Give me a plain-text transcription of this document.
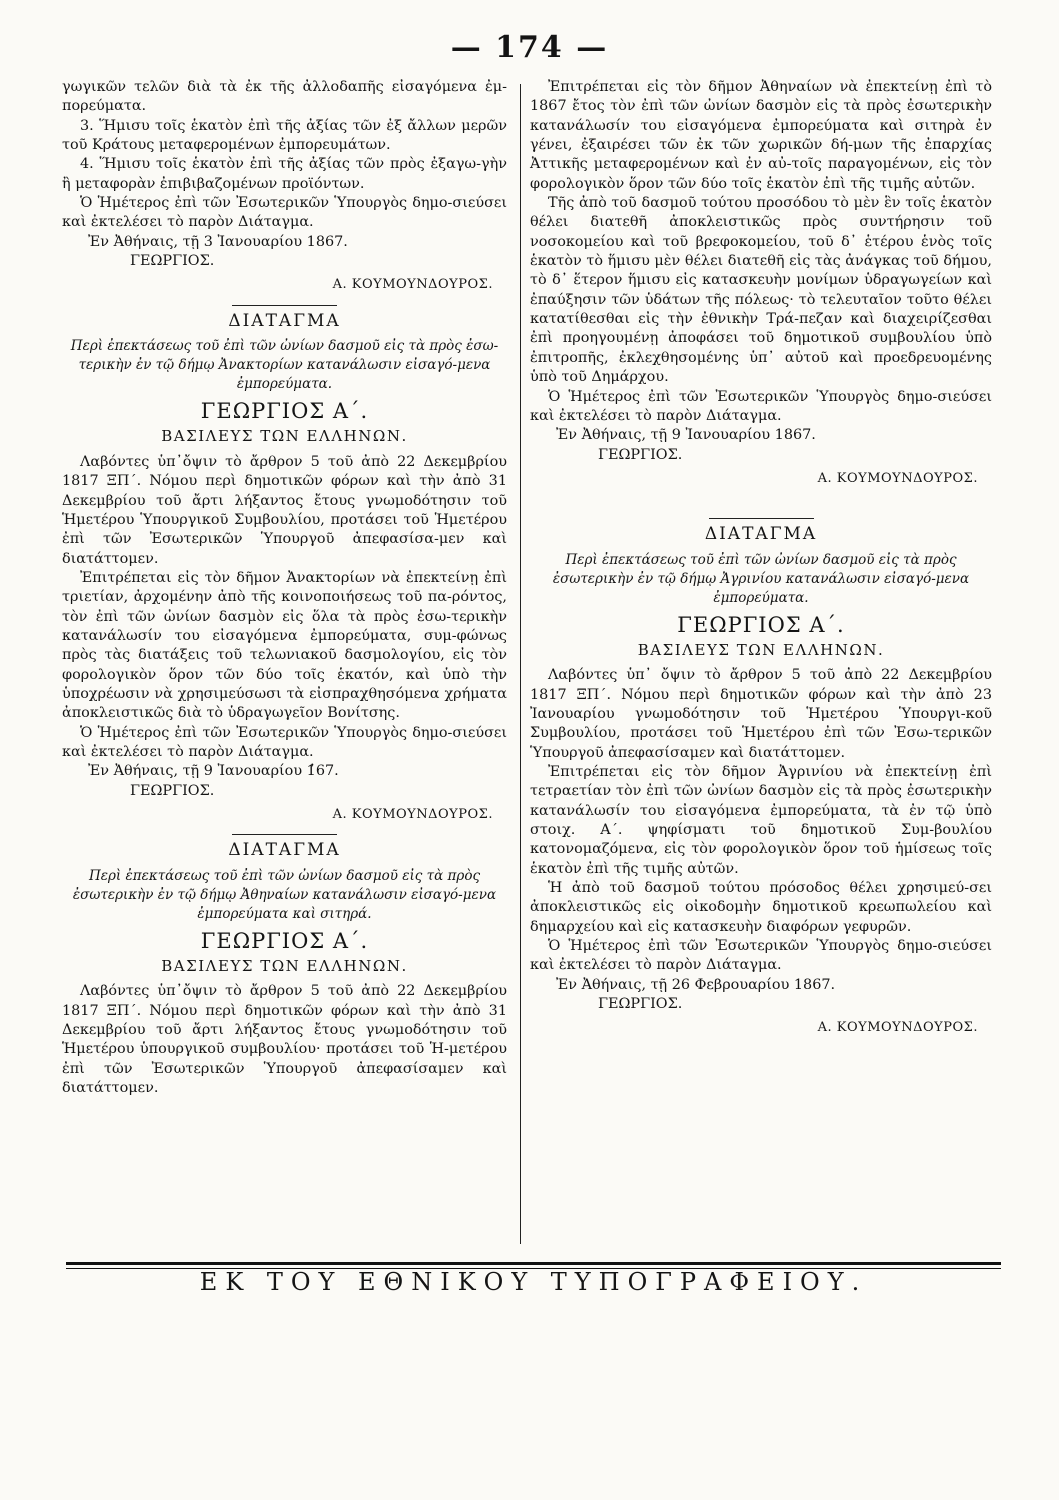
— 174 —

γωγικῶν τελῶν διὰ τὰ ἐκ τῆς ἀλλοδαπῆς εἰσαγόμενα ἐμ-πορεύματα.

3. Ἥμισυ τοῖς ἑκατὸν ἐπὶ τῆς ἀξίας τῶν ἐξ ἄλλων μερῶν τοῦ Κράτους μεταφερομένων ἐμπορευμάτων.

4. Ἥμισυ τοῖς ἑκατὸν ἐπὶ τῆς ἀξίας τῶν πρὸς ἐξαγω-γὴν ἢ μεταφορὰν ἐπιβιβαζομένων προϊόντων.

Ὁ Ἡμέτερος ἐπὶ τῶν Ἐσωτερικῶν Ὑπουργὸς δημο-σιεύσει καὶ ἐκτελέσει τὸ παρὸν Διάταγμα.

Ἐν Ἀθήναις, τῇ 3 Ἰανουαρίου 1867.

ΓΕΩΡΓΙΟΣ.

Α. ΚΟΥΜΟΥΝΔΟΥΡΟΣ.

ΔΙΑΤΑΓΜΑ

Περὶ ἐπεκτάσεως τοῦ ἐπὶ τῶν ὠνίων δασμοῦ εἰς τὰ πρὸς ἐσω-τερικὴν ἐν τῷ δήμῳ Ἀνακτορίων κατανάλωσιν εἰσαγό-μενα ἐμπορεύματα.

ΓΕΩΡΓΙΟΣ Α΄.
ΒΑΣΙΛΕΥΣ ΤΩΝ ΕΛΛΗΝΩΝ.

Λαβόντες ὑπ᾿ὄψιν τὸ ἄρθρον 5 τοῦ ἀπὸ 22 Δεκεμβρίου 1817 ΞΠ΄. Νόμου περὶ δημοτικῶν φόρων καὶ τὴν ἀπὸ 31 Δεκεμβρίου τοῦ ἄρτι λήξαντος ἔτους γνωμοδότησιν τοῦ Ἡμετέρου Ὑπουργικοῦ Συμβουλίου, προτάσει τοῦ Ἡμετέρου ἐπὶ τῶν Ἐσωτερικῶν Ὑπουργοῦ ἀπεφασίσα-μεν καὶ διατάττομεν.

Ἐπιτρέπεται εἰς τὸν δῆμον Ἀνακτορίων νὰ ἐπεκτείνῃ ἐπὶ τριετίαν, ἀρχομένην ἀπὸ τῆς κοινοποιήσεως τοῦ πα-ρόντος, τὸν ἐπὶ τῶν ὠνίων δασμὸν εἰς ὅλα τὰ πρὸς ἐσω-τερικὴν κατανάλωσίν του εἰσαγόμενα ἐμπορεύματα, συμ-φώνως πρὸς τὰς διατάξεις τοῦ τελωνιακοῦ δασμολογίου, εἰς τὸν φορολογικὸν ὅρον τῶν δύο τοῖς ἑκατόν, καὶ ὑπὸ τὴν ὑποχρέωσιν νὰ χρησιμεύσωσι τὰ εἰσπραχθησόμενα χρήματα ἀποκλειστικῶς διὰ τὸ ὑδραγωγεῖον Βονίτσης.

Ὁ Ἡμέτερος ἐπὶ τῶν Ἐσωτερικῶν Ὑπουργὸς δημο-σιεύσει καὶ ἐκτελέσει τὸ παρὸν Διάταγμα.

Ἐν Ἀθήναις, τῇ 9 Ἰανουαρίου 1̓67.

ΓΕΩΡΓΙΟΣ.

Α. ΚΟΥΜΟΥΝΔΟΥΡΟΣ.

ΔΙΑΤΑΓΜΑ

Περὶ ἐπεκτάσεως τοῦ ἐπὶ τῶν ὠνίων δασμοῦ εἰς τὰ πρὸς ἐσωτερικὴν ἐν τῷ δήμῳ Ἀθηναίων κατανάλωσιν εἰσαγό-μενα ἐμπορεύματα καὶ σιτηρά.

ΓΕΩΡΓΙΟΣ Α΄.
ΒΑΣΙΛΕΥΣ ΤΩΝ ΕΛΛΗΝΩΝ.

Λαβόντες ὑπ᾿ὄψιν τὸ ἄρθρον 5 τοῦ ἀπὸ 22 Δεκεμβρίου 1817 ΞΠ΄. Νόμου περὶ δημοτικῶν φόρων καὶ τὴν ἀπὸ 31 Δεκεμβρίου τοῦ ἄρτι λήξαντος ἔτους γνωμοδότησιν τοῦ Ἡμετέρου ὑπουργικοῦ συμβουλίου· προτάσει τοῦ Ἡ-μετέρου ἐπὶ τῶν Ἐσωτερικῶν Ὑπουργοῦ ἀπεφασίσαμεν καὶ διατάττομεν.

Ἐπιτρέπεται εἰς τὸν δῆμον Ἀθηναίων νὰ ἐπεκτείνῃ ἐπὶ τὸ 1867 ἔτος τὸν ἐπὶ τῶν ὠνίων δασμὸν εἰς τὰ πρὸς ἐσωτερικὴν κατανάλωσίν του εἰσαγόμενα ἐμπορεύματα καὶ σιτηρὰ ἐν γένει, ἐξαιρέσει τῶν ἐκ τῶν χωρικῶν δή-μων τῆς ἐπαρχίας Ἀττικῆς μεταφερομένων καὶ ἐν αὐ-τοῖς παραγομένων, εἰς τὸν φορολογικὸν ὅρον τῶν δύο τοῖς ἑκατὸν ἐπὶ τῆς τιμῆς αὐτῶν.

Τῆς ἀπὸ τοῦ δασμοῦ τούτου προσόδου τὸ μὲν ἓν τοῖς ἑκατὸν θέλει διατεθῆ ἀποκλειστικῶς πρὸς συντήρησιν τοῦ νοσοκομείου καὶ τοῦ βρεφοκομείου, τοῦ δ᾿ ἑτέρου ἑνὸς τοῖς ἑκατὸν τὸ ἥμισυ μὲν θέλει διατεθῆ εἰς τὰς ἀνάγκας τοῦ δήμου, τὸ δ᾿ ἕτερον ἥμισυ εἰς κατασκευὴν μονίμων ὑδραγωγείων καὶ ἐπαύξησιν τῶν ὑδάτων τῆς πόλεως· τὸ τελευταῖον τοῦτο θέλει κατατίθεσθαι εἰς τὴν ἐθνικὴν Τρά-πεζαν καὶ διαχειρίζεσθαι ἐπὶ προηγουμένῃ ἀποφάσει τοῦ δημοτικοῦ συμβουλίου ὑπὸ ἐπιτροπῆς, ἐκλεχθησομένης ὑπ᾿ αὐτοῦ καὶ προεδρευομένης ὑπὸ τοῦ Δημάρχου.

Ὁ Ἡμέτερος ἐπὶ τῶν Ἐσωτερικῶν Ὑπουργὸς δημο-σιεύσει καὶ ἐκτελέσει τὸ παρὸν Διάταγμα.

Ἐν Ἀθήναις, τῇ 9 Ἰανουαρίου 1867.

ΓΕΩΡΓΙΟΣ.

Α. ΚΟΥΜΟΥΝΔΟΥΡΟΣ.

ΔΙΑΤΑΓΜΑ

Περὶ ἐπεκτάσεως τοῦ ἐπὶ τῶν ὠνίων δασμοῦ εἰς τὰ πρὸς ἐσωτερικὴν ἐν τῷ δήμῳ Ἀγρινίου κατανάλωσιν εἰσαγό-μενα ἐμπορεύματα.

ΓΕΩΡΓΙΟΣ Α΄.
ΒΑΣΙΛΕΥΣ ΤΩΝ ΕΛΛΗΝΩΝ.

Λαβόντες ὑπ᾿ ὄψιν τὸ ἄρθρον 5 τοῦ ἀπὸ 22 Δεκεμβρίου 1817 ΞΠ΄. Νόμου περὶ δημοτικῶν φόρων καὶ τὴν ἀπὸ 23 Ἰανουαρίου γνωμοδότησιν τοῦ Ἡμετέρου Ὑπουργι-κοῦ Συμβουλίου, προτάσει τοῦ Ἡμετέρου ἐπὶ τῶν Ἐσω-τερικῶν Ὑπουργοῦ ἀπεφασίσαμεν καὶ διατάττομεν.

Ἐπιτρέπεται εἰς τὸν δῆμον Ἀγρινίου νὰ ἐπεκτείνῃ ἐπὶ τετραετίαν τὸν ἐπὶ τῶν ὠνίων δασμὸν εἰς τὰ πρὸς ἐσωτερικὴν κατανάλωσίν του εἰσαγόμενα ἐμπορεύματα, τὰ ἐν τῷ ὑπὸ στοιχ. Α΄. ψηφίσματι τοῦ δημοτικοῦ Συμ-βουλίου κατονομαζόμενα, εἰς τὸν φορολογικὸν ὅρον τοῦ ἡμίσεως τοῖς ἑκατὸν ἐπὶ τῆς τιμῆς αὐτῶν.

Ἡ ἀπὸ τοῦ δασμοῦ τούτου πρόσοδος θέλει χρησιμεύ-σει ἀποκλειστικῶς εἰς οἰκοδομὴν δημοτικοῦ κρεωπωλείου καὶ δημαρχείου καὶ εἰς κατασκευὴν διαφόρων γεφυρῶν.

Ὁ Ἡμέτερος ἐπὶ τῶν Ἐσωτερικῶν Ὑπουργὸς δημο-σιεύσει καὶ ἐκτελέσει τὸ παρὸν Διάταγμα.

Ἐν Ἀθήναις, τῇ 26 Φεβρουαρίου 1867.

ΓΕΩΡΓΙΟΣ.

Α. ΚΟΥΜΟΥΝΔΟΥΡΟΣ.

ΕΚ ΤΟΥ ΕΘΝΙΚΟΥ ΤΥΠΟΓΡΑΦΕΙΟΥ.
